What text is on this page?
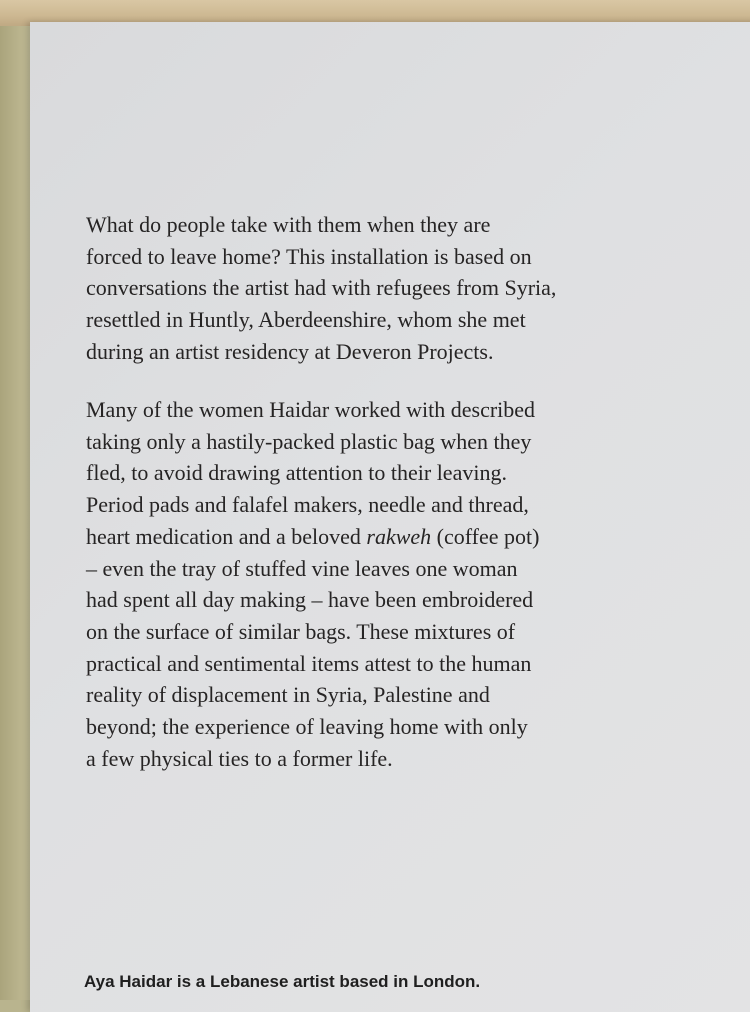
What do people take with them when they are
forced to leave home? This installation is based on
conversations the artist had with refugees from Syria,
resettled in Huntly, Aberdeenshire, whom she met
during an artist residency at Deveron Projects.
Many of the women Haidar worked with described
taking only a hastily-packed plastic bag when they
fled, to avoid drawing attention to their leaving.
Period pads and falafel makers, needle and thread,
heart medication and a beloved rakweh (coffee pot)
– even the tray of stuffed vine leaves one woman
had spent all day making – have been embroidered
on the surface of similar bags. These mixtures of
practical and sentimental items attest to the human
reality of displacement in Syria, Palestine and
beyond; the experience of leaving home with only
a few physical ties to a former life.
Aya Haidar is a Lebanese artist based in London.
